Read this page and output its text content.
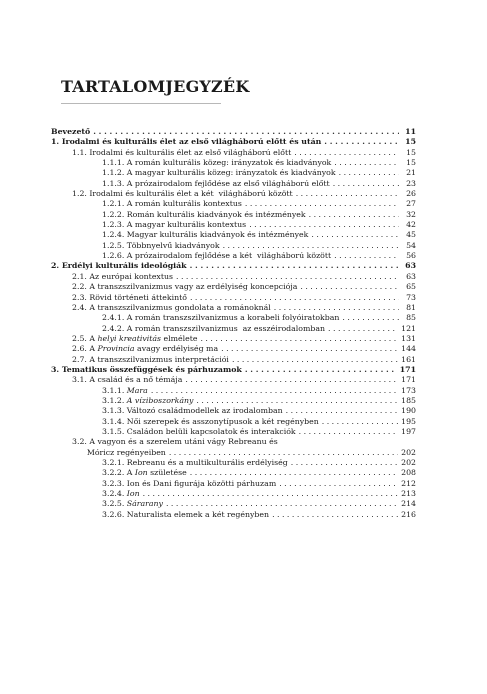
TARTALOMJEGYZÉK
Bevezető . . .	11
1. Irodalmi és kulturális élet az első világháború előtt és után . . .	15
1.1. Irodalmi és kulturális élet az első világháború előtt . . .	15
1.1.1. A román kulturális közeg: irányzatok és kiadványok . . .	15
1.1.2. A magyar kulturális közeg: irányzatok és kiadványok . . .	21
1.1.3. A prózairodalom fejlődése az első világháború előtt . . .	23
1.2. Irodalmi és kulturális élet a két  világháború között . . .	26
1.2.1. A román kulturális kontextus . . .	27
1.2.2. Román kulturális kiadványok és intézmények . . .	32
1.2.3. A magyar kulturális kontextus . . .	42
1.2.4. Magyar kulturális kiadványok és intézmények . . .	45
1.2.5. Többnyelvű kiadványok . . .	54
1.2.6. A prózairodalom fejlődése a két  világháború között . . .	56
2. Erdélyi kulturális ideológiák . . .	63
2.1. Az európai kontextus . . .	63
2.2. A transzszilvanizmus vagy az erdélyiség koncepciója . . .	65
2.3. Rövid történeti áttekintő . . .	73
2.4. A transzszilvanizmus gondolata a románoknál . . .	81
2.4.1. A román transzszilvanizmus a korabeli folyóiratokban . . .	85
2.4.2. A román transzszilvanizmus  az esszéirodalomban . . .	121
2.5. A helyi kreativitás elmélete . . .	131
2.6. A Provincia avagy erdélyiség ma . . .	144
2.7. A transzszilvanizmus interpretációi . . .	161
3. Tematikus összefüggések és párhuzamok . . .	171
3.1. A család és a nő témája . . .	171
3.1.1. Mara . . .	173
3.1.2. A víziboszorkány . . .	185
3.1.3. Változó családmodellek az irodalomban . . .	190
3.1.4. Női szerepek és asszonytípusok a két regényben . . .	195
3.1.5. Családon belüli kapcsolatok és interakciók . . .	197
3.2. A vagyon és a szerelem utáni vágy Rebreanu és
Móricz regényeiben . . .	202
3.2.1. Rebreanu és a multikulturális erdélyiség . . .	202
3.2.2. A Ion születése . . .	208
3.2.3. Ion és Dani figurája közötti párhuzam . . .	212
3.2.4. Ion . . .	213
3.2.5. Sárarany . . .	214
3.2.6. Naturalista elemek a két regényben . . .	216
